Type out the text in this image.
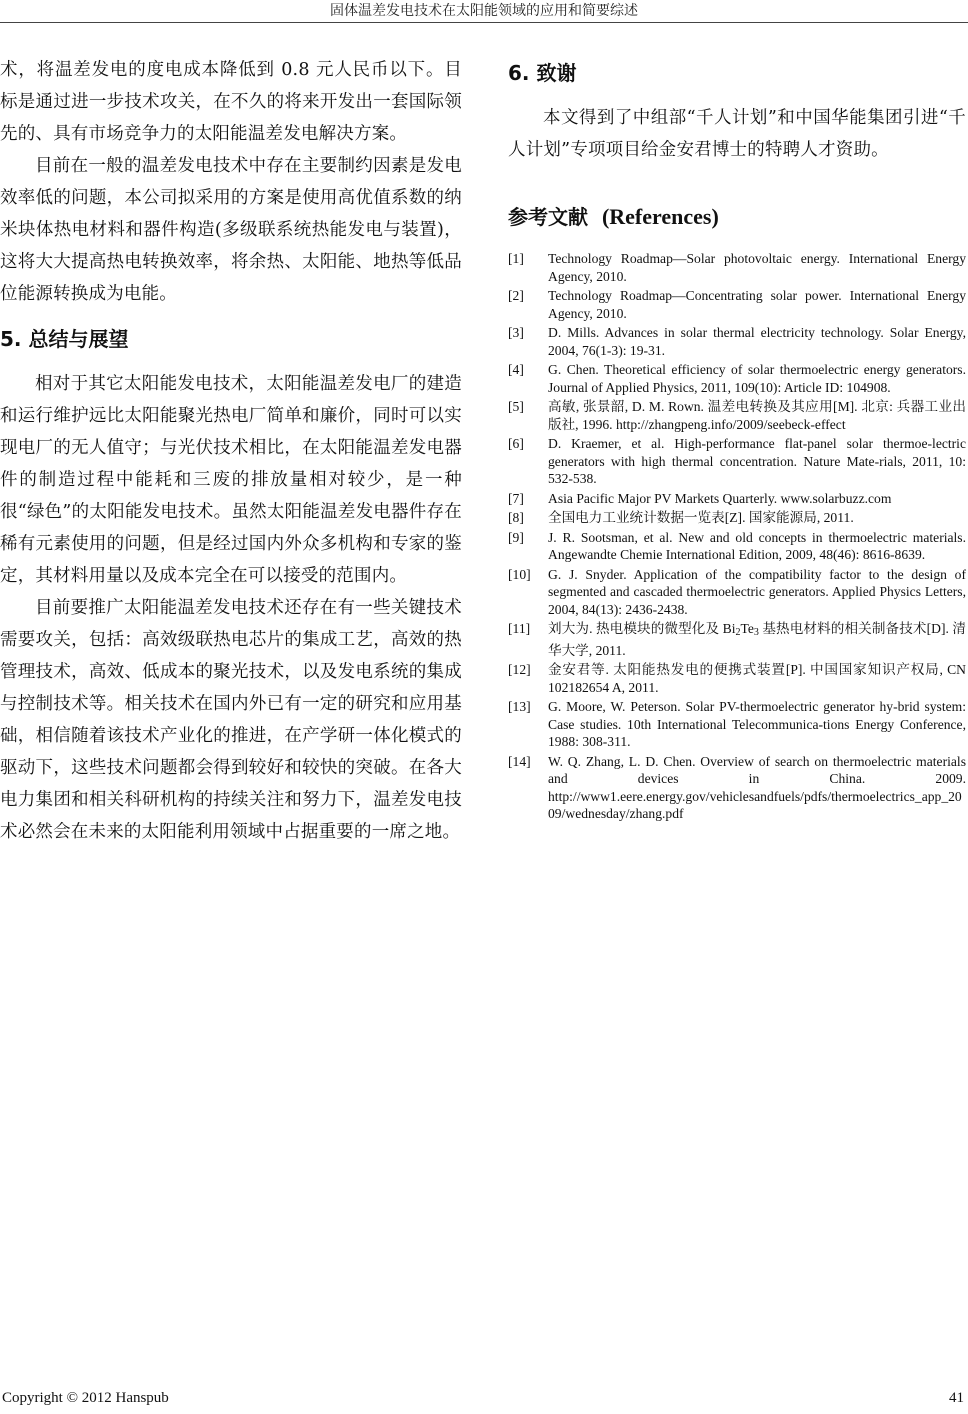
固体温差发电技术在太阳能领域的应用和简要综述

术，将温差发电的度电成本降低到 0.8 元人民币以下。目标是通过进一步技术攻关，在不久的将来开发出一套国际领先的、具有市场竞争力的太阳能温差发电解决方案。

目前在一般的温差发电技术中存在主要制约因素是发电效率低的问题，本公司拟采用的方案是使用高优值系数的纳米块体热电材料和器件构造(多级联系统热能发电与装置)，这将大大提高热电转换效率，将余热、太阳能、地热等低品位能源转换成为电能。

5. 总结与展望

相对于其它太阳能发电技术，太阳能温差发电厂的建造和运行维护远比太阳能聚光热电厂简单和廉价，同时可以实现电厂的无人值守；与光伏技术相比，在太阳能温差发电器件的制造过程中能耗和三废的排放量相对较少，是一种很“绿色”的太阳能发电技术。虽然太阳能温差发电器件存在稀有元素使用的问题，但是经过国内外众多机构和专家的鉴定，其材料用量以及成本完全在可以接受的范围内。

目前要推广太阳能温差发电技术还存在有一些关键技术需要攻关，包括：高效级联热电芯片的集成工艺，高效的热管理技术，高效、低成本的聚光技术，以及发电系统的集成与控制技术等。相关技术在国内外已有一定的研究和应用基础，相信随着该技术产业化的推进，在产学研一体化模式的驱动下，这些技术问题都会得到较好和较快的突破。在各大电力集团和相关科研机构的持续关注和努力下，温差发电技术必然会在未来的太阳能利用领域中占据重要的一席之地。

6. 致谢

本文得到了中组部“千人计划”和中国华能集团引进“千人计划”专项项目给金安君博士的特聘人才资助。

参考文献 (References)
[1]	Technology Roadmap—Solar photovoltaic energy. International Energy Agency, 2010.
[2]	Technology Roadmap—Concentrating solar power. International Energy Agency, 2010.
[3]	D. Mills. Advances in solar thermal electricity technology. Solar Energy, 2004, 76(1-3): 19-31.
[4]	G. Chen. Theoretical efficiency of solar thermoelectric energy generators. Journal of Applied Physics, 2011, 109(10): Article ID: 104908.
[5]	高敏, 张景韶, D. M. Rown. 温差电转换及其应用[M]. 北京: 兵器工业出版社, 1996. http://zhangpeng.info/2009/seebeck-effect
[6]	D. Kraemer, et al. High-performance flat-panel solar thermoe-lectric generators with high thermal concentration. Nature Mate-rials, 2011, 10: 532-538.
[7]	Asia Pacific Major PV Markets Quarterly. www.solarbuzz.com
[8]	全国电力工业统计数据一览表[Z]. 国家能源局, 2011.
[9]	J. R. Sootsman, et al. New and old concepts in thermoelectric materials. Angewandte Chemie International Edition, 2009, 48(46): 8616-8639.
[10]	G. J. Snyder. Application of the compatibility factor to the design of segmented and cascaded thermoelectric generators. Applied Physics Letters, 2004, 84(13): 2436-2438.
[11]	刘大为. 热电模块的微型化及 $Bi_2Te_3$ 基热电材料的相关制备技术[D]. 清华大学, 2011.
[12]	金安君等. 太阳能热发电的便携式装置[P]. 中国国家知识产权局, CN 102182654 A, 2011.
[13]	G. Moore, W. Peterson. Solar PV-thermoelectric generator hy-brid system: Case studies. 10th International Telecommunica-tions Energy Conference, 1988: 308-311.
[14]	W. Q. Zhang, L. D. Chen. Overview of search on thermoelectric materials and devices in China. 2009. http://www1.eere.energy.gov/vehiclesandfuels/pdfs/thermoelectrics_app_2009/wednesday/zhang.pdf
Copyright © 2012 Hanspub	41
